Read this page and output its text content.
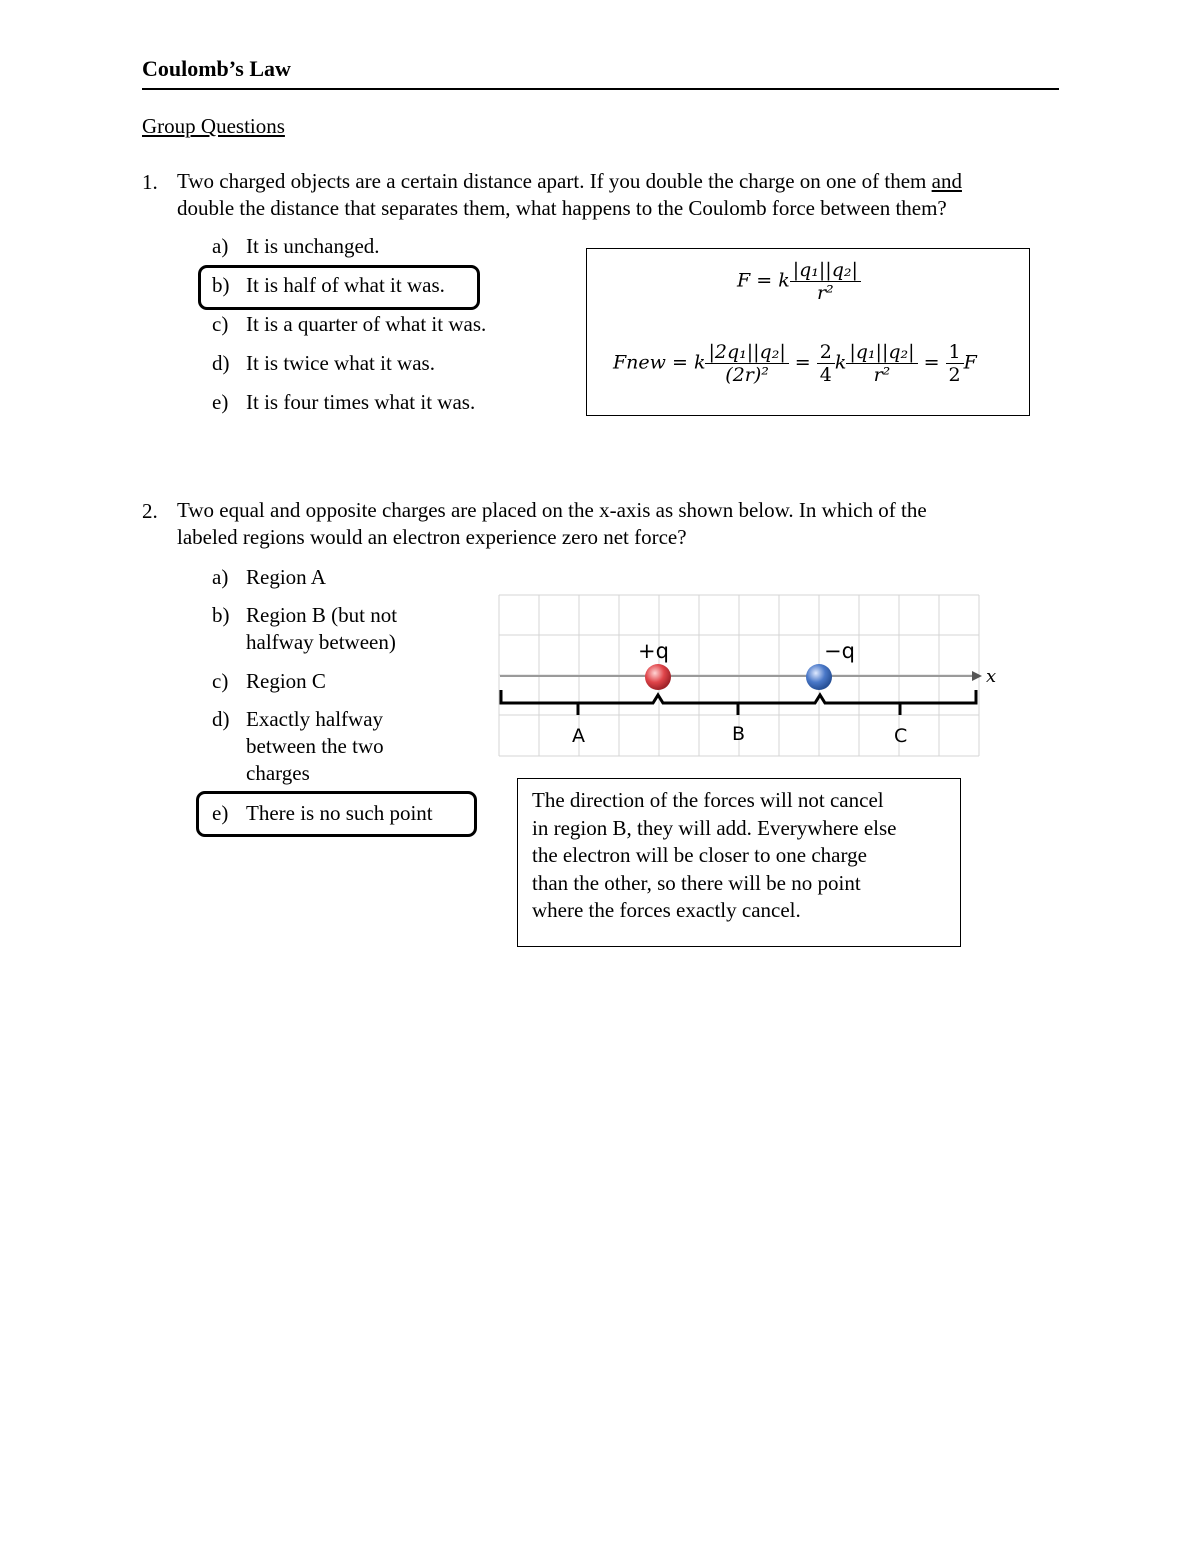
Coulomb’s Law
Group Questions
1. Two charged objects are a certain distance apart. If you double the charge on one of them and
double the distance that separates them, what happens to the Coulomb force between them?
a) It is unchanged.
b) It is half of what it was.
c) It is a quarter of what it was.
d) It is twice what it was.
e) It is four times what it was.
F = k $\frac{\text{|q₁||q₂|}}{\text{r²}}$
Fnew = k $\frac{\text{|2q₁||q₂|}}{\text{(2r)²}} = \frac{2}{4}$ k $\frac{\text{|q₁||q₂|}}{\text{r²}} = \frac{1}{2}$ F
2. Two equal and opposite charges are placed on the x-axis as shown below. In which of the
labeled regions would an electron experience zero net force?
a) Region A
b) Region B (but not
halfway between)
c) Region C
d) Exactly halfway
between the two
charges
e) There is no such point
+q	−q
x
A	B	C
The direction of the forces will not cancel
in region B, they will add. Everywhere else
the electron will be closer to one charge
than the other, so there will be no point
where the forces exactly cancel.
